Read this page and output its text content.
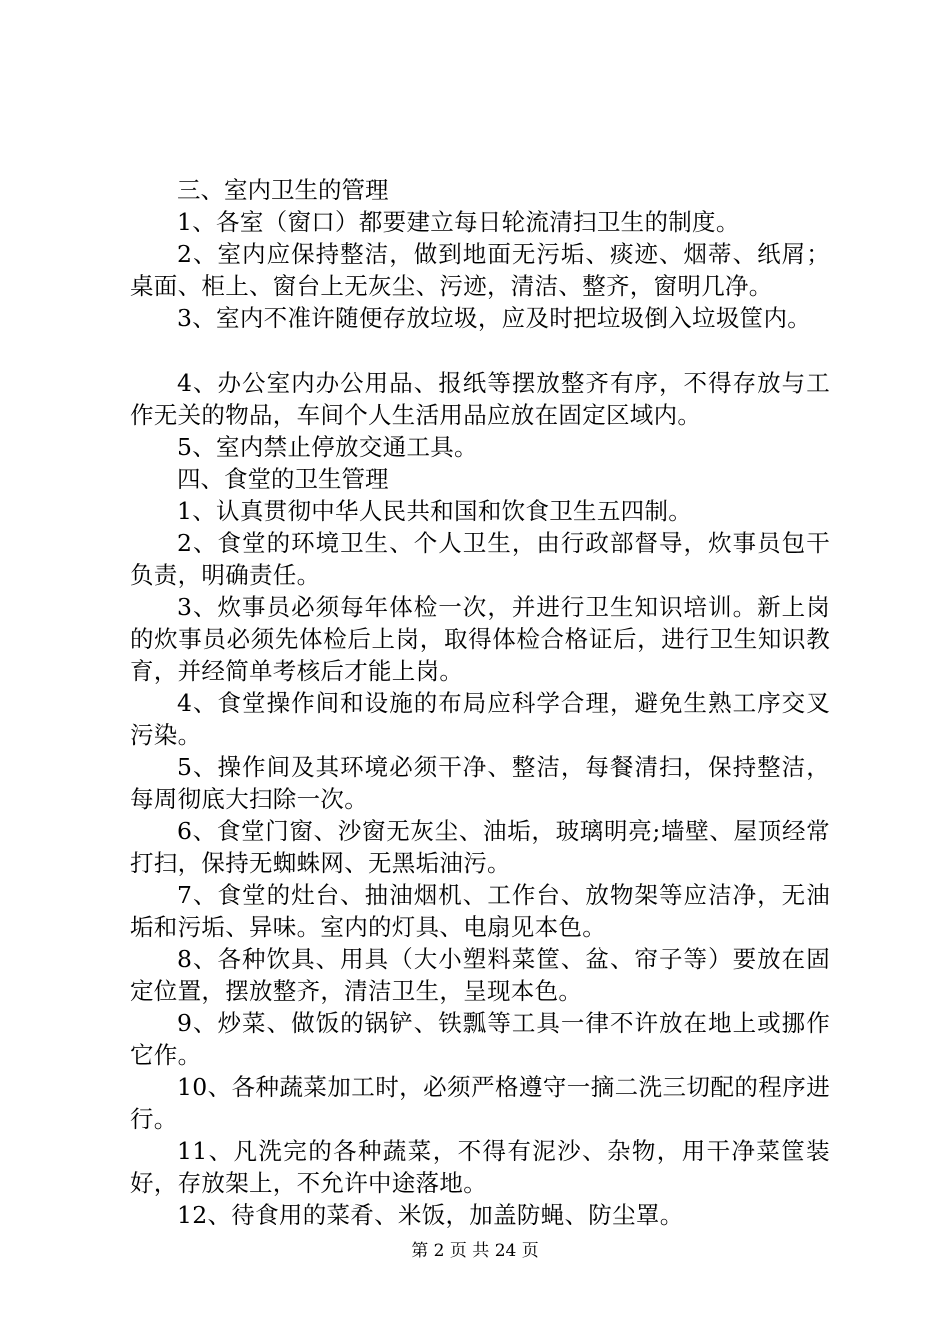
三、室内卫生的管理

1、各室（窗口）都要建立每日轮流清扫卫生的制度。

2、室内应保持整洁，做到地面无污垢、痰迹、烟蒂、纸屑；桌面、柜上、窗台上无灰尘、污迹，清洁、整齐，窗明几净。

3、室内不准许随便存放垃圾，应及时把垃圾倒入垃圾筐内。

4、办公室内办公用品、报纸等摆放整齐有序，不得存放与工作无关的物品，车间个人生活用品应放在固定区域内。

5、室内禁止停放交通工具。

四、食堂的卫生管理

1、认真贯彻中华人民共和国和饮食卫生五四制。

2、食堂的环境卫生、个人卫生，由行政部督导，炊事员包干负责，明确责任。

3、炊事员必须每年体检一次，并进行卫生知识培训。新上岗的炊事员必须先体检后上岗，取得体检合格证后，进行卫生知识教育，并经简单考核后才能上岗。

4、食堂操作间和设施的布局应科学合理，避免生熟工序交叉污染。

5、操作间及其环境必须干净、整洁，每餐清扫，保持整洁，每周彻底大扫除一次。

6、食堂门窗、沙窗无灰尘、油垢，玻璃明亮;墙壁、屋顶经常打扫，保持无蜘蛛网、无黑垢油污。

7、食堂的灶台、抽油烟机、工作台、放物架等应洁净，无油垢和污垢、异味。室内的灯具、电扇见本色。

8、各种饮具、用具（大小塑料菜筐、盆、帘子等）要放在固定位置，摆放整齐，清洁卫生，呈现本色。

9、炒菜、做饭的锅铲、铁瓢等工具一律不许放在地上或挪作它作。

10、各种蔬菜加工时，必须严格遵守一摘二洗三切配的程序进行。

11、凡洗完的各种蔬菜，不得有泥沙、杂物，用干净菜筐装好，存放架上，不允许中途落地。

12、待食用的菜肴、米饭，加盖防蝇、防尘罩。

第 2 页 共 24 页
